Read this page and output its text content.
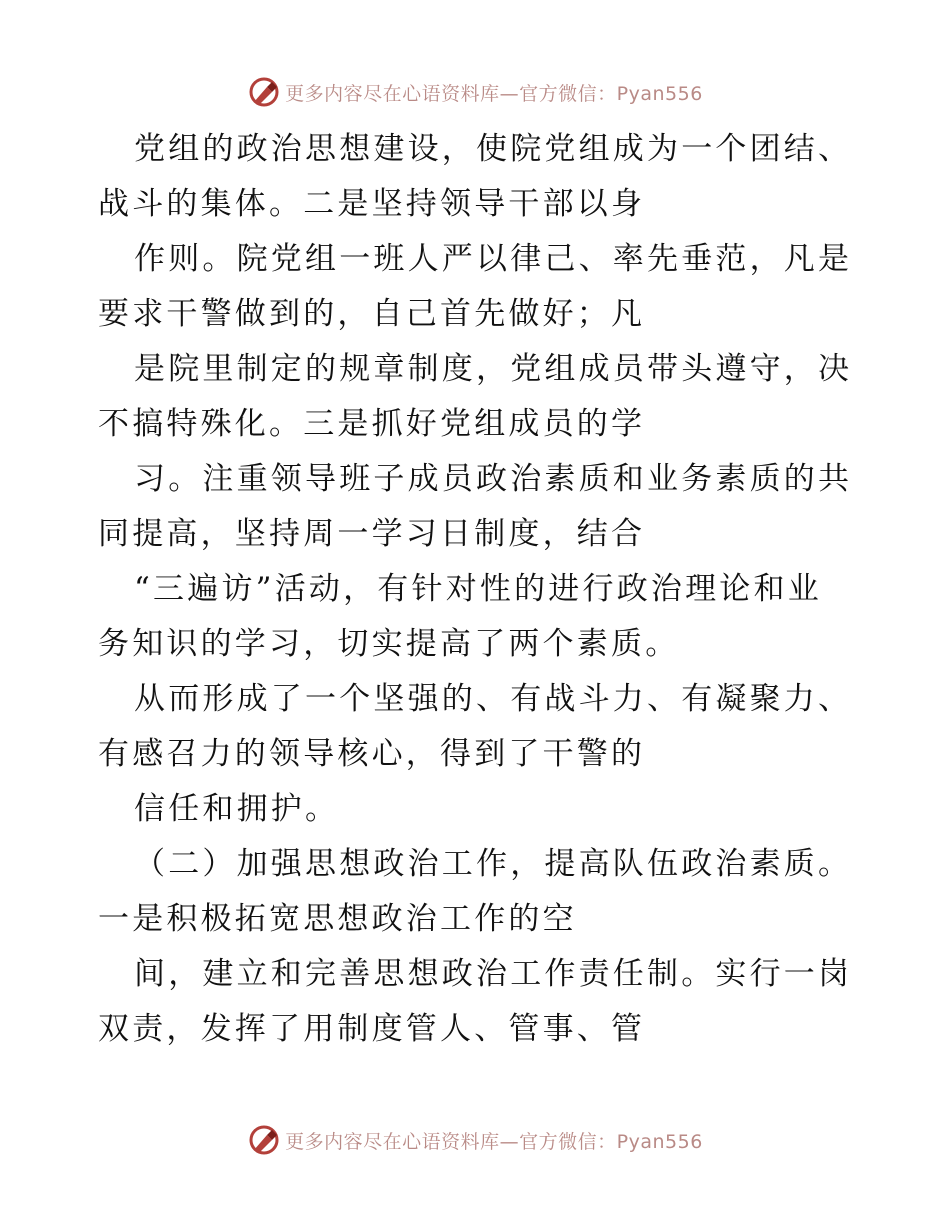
更多内容尽在心语资料库—官方微信：Pyan556
党组的政治思想建设，使院党组成为一个团结、
战斗的集体。二是坚持领导干部以身
作则。院党组一班人严以律己、率先垂范，凡是
要求干警做到的，自己首先做好；凡
是院里制定的规章制度，党组成员带头遵守，决
不搞特殊化。三是抓好党组成员的学
习。注重领导班子成员政治素质和业务素质的共
同提高，坚持周一学习日制度，结合
“三遍访”活动，有针对性的进行政治理论和业
务知识的学习，切实提高了两个素质。
从而形成了一个坚强的、有战斗力、有凝聚力、
有感召力的领导核心，得到了干警的
信任和拥护。
（二）加强思想政治工作，提高队伍政治素质。
一是积极拓宽思想政治工作的空
间，建立和完善思想政治工作责任制。实行一岗
双责，发挥了用制度管人、管事、管
更多内容尽在心语资料库—官方微信：Pyan556
